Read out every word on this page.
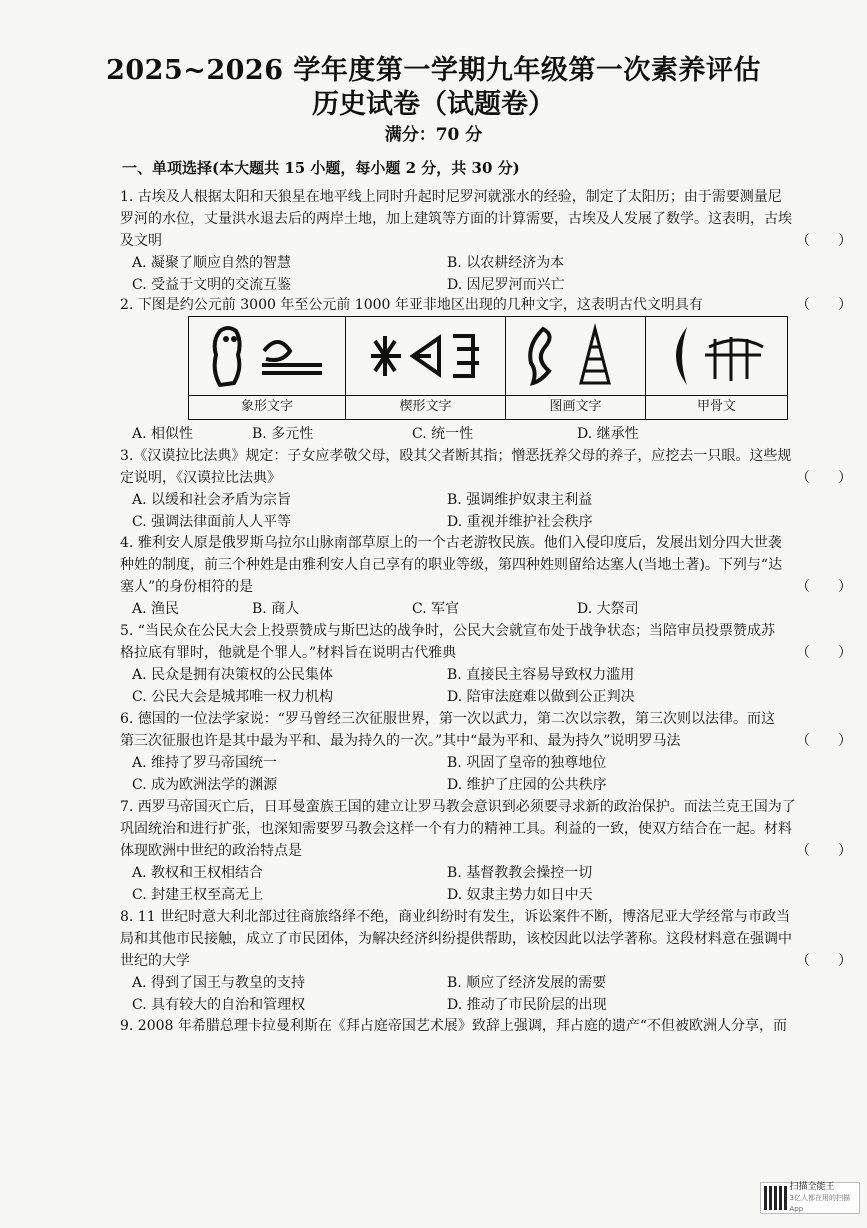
2025~2026 学年度第一学期九年级第一次素养评估
历史试卷（试题卷）
满分：70 分
一、单项选择(本大题共 15 小题，每小题 2 分，共 30 分)
1. 古埃及人根据太阳和天狼星在地平线上同时升起时尼罗河就涨水的经验，制定了太阳历；由于需要测量尼
罗河的水位，丈量洪水退去后的两岸土地，加上建筑等方面的计算需要，古埃及人发展了数学。这表明，古埃
及文明	（　　）
A. 凝聚了顺应自然的智慧	B. 以农耕经济为本
C. 受益于文明的交流互鉴	D. 因尼罗河而兴亡
2. 下图是约公元前 3000 年至公元前 1000 年亚非地区出现的几种文字，这表明古代文明具有	（　　）
象形文字	楔形文字	图画文字	甲骨文
A. 相似性	B. 多元性	C. 统一性	D. 继承性
3.《汉谟拉比法典》规定：子女应孝敬父母，殴其父者断其指；憎恶抚养父母的养子，应挖去一只眼。这些规
定说明，《汉谟拉比法典》	（　　）
A. 以缓和社会矛盾为宗旨	B. 强调维护奴隶主利益
C. 强调法律面前人人平等	D. 重视并维护社会秩序
4. 雅利安人原是俄罗斯乌拉尔山脉南部草原上的一个古老游牧民族。他们入侵印度后，发展出划分四大世袭
种姓的制度，前三个种姓是由雅利安人自己享有的职业等级，第四种姓则留给达塞人(当地土著)。下列与“达
塞人”的身份相符的是	（　　）
A. 渔民	B. 商人	C. 军官	D. 大祭司
5. “当民众在公民大会上投票赞成与斯巴达的战争时，公民大会就宣布处于战争状态；当陪审员投票赞成苏
格拉底有罪时，他就是个罪人。”材料旨在说明古代雅典	（　　）
A. 民众是拥有决策权的公民集体	B. 直接民主容易导致权力滥用
C. 公民大会是城邦唯一权力机构	D. 陪审法庭难以做到公正判决
6. 德国的一位法学家说：“罗马曾经三次征服世界，第一次以武力，第二次以宗教，第三次则以法律。而这
第三次征服也许是其中最为平和、最为持久的一次。”其中“最为平和、最为持久”说明罗马法	（　　）
A. 维持了罗马帝国统一	B. 巩固了皇帝的独尊地位
C. 成为欧洲法学的渊源	D. 维护了庄园的公共秩序
7. 西罗马帝国灭亡后，日耳曼蛮族王国的建立让罗马教会意识到必须要寻求新的政治保护。而法兰克王国为了
巩固统治和进行扩张，也深知需要罗马教会这样一个有力的精神工具。利益的一致，使双方结合在一起。材料
体现欧洲中世纪的政治特点是	（　　）
A. 教权和王权相结合	B. 基督教教会操控一切
C. 封建王权至高无上	D. 奴隶主势力如日中天
8. 11 世纪时意大利北部过往商旅络绎不绝，商业纠纷时有发生，诉讼案件不断，博洛尼亚大学经常与市政当
局和其他市民接触，成立了市民团体，为解决经济纠纷提供帮助，该校因此以法学著称。这段材料意在强调中
世纪的大学	（　　）
A. 得到了国王与教皇的支持	B. 顺应了经济发展的需要
C. 具有较大的自治和管理权	D. 推动了市民阶层的出现
9. 2008 年希腊总理卡拉曼利斯在《拜占庭帝国艺术展》致辞上强调，拜占庭的遗产“不但被欧洲人分享，而
扫描全能王
3亿人都在用的扫描App
